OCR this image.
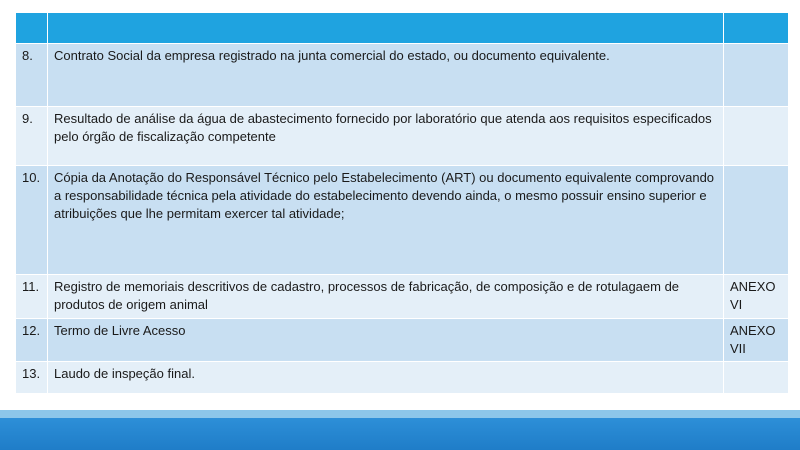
8.	Contrato Social da empresa registrado na junta comercial do estado, ou documento equivalente.	
9.	Resultado de análise da água de abastecimento fornecido por laboratório que atenda aos requisitos especificados pelo órgão de fiscalização competente	
10.	Cópia da Anotação do Responsável Técnico pelo Estabelecimento (ART) ou documento equivalente comprovando a responsabilidade técnica pela atividade do estabelecimento devendo ainda, o mesmo possuir ensino superior e atribuições que lhe permitam exercer tal atividade;	
11.	Registro de memoriais descritivos de cadastro, processos de fabricação, de composição e de rotulagaem de produtos de origem animal	ANEXO VI
12.	Termo de Livre Acesso	ANEXO VII
13.	Laudo de inspeção final.	
